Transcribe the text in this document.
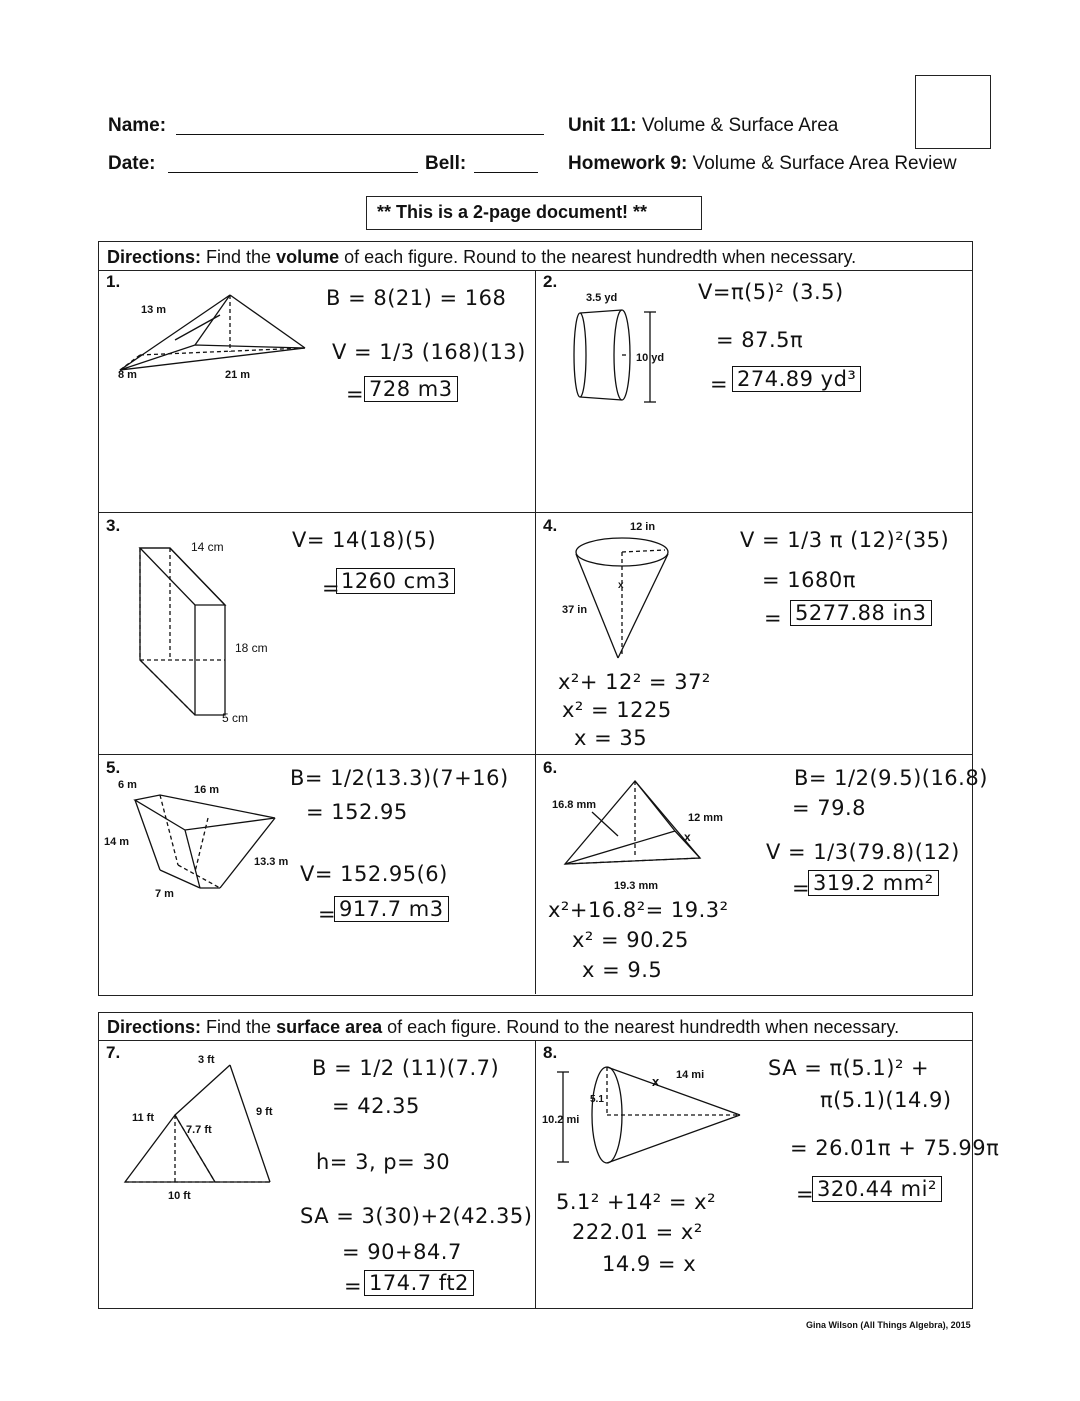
Name:
Date:	Bell:
Unit 11: Volume & Surface Area
Homework 9: Volume & Surface Area Review
** This is a 2-page document! **
Directions: Find the volume of each figure. Round to the nearest hundredth when necessary.
1.
13 m
8 m	21 m
B = 8(21) = 168
V = 1/3 (168)(13)
= 728 m3
2.
3.5 yd
10 yd
V=π(5)² (3.5)
= 87.5π
= 274.89 yd³
3.
14 cm
18 cm
5 cm
V= 14(18)(5)
= 1260 cm3
4.	12 in
37 in
x
V = 1/3 π (12)²(35)
= 1680π
= 5277.88 in3
x²+ 12² = 37²
x² = 1225
x = 35
5.
6 m	16 m
14 m
13.3 m
7 m
B= 1/2(13.3)(7+16)
= 152.95
V= 152.95(6)
= 917.7 m3
6.
16.8 mm
12 mm
19.3 mm
x
B= 1/2(9.5)(16.8)
= 79.8
V = 1/3(79.8)(12)
x²+16.8²= 19.3²
x² = 90.25
x = 9.5
= 319.2 mm²
Directions: Find the surface area of each figure. Round to the nearest hundredth when necessary.
7.	3 ft
11 ft
7.7 ft
9 ft
10 ft
B = 1/2 (11)(7.7)
= 42.35
h= 3, p= 30
SA = 3(30)+2(42.35)
= 90+84.7
= 174.7 ft2
8.
14 mi
10.2 mi
5.1
x
SA = π(5.1)² +
π(5.1)(14.9)
= 26.01π + 75.99π
= 320.44 mi²
5.1² +14² = x²
222.01 = x²
14.9 = x
Gina Wilson (All Things Algebra), 2015
